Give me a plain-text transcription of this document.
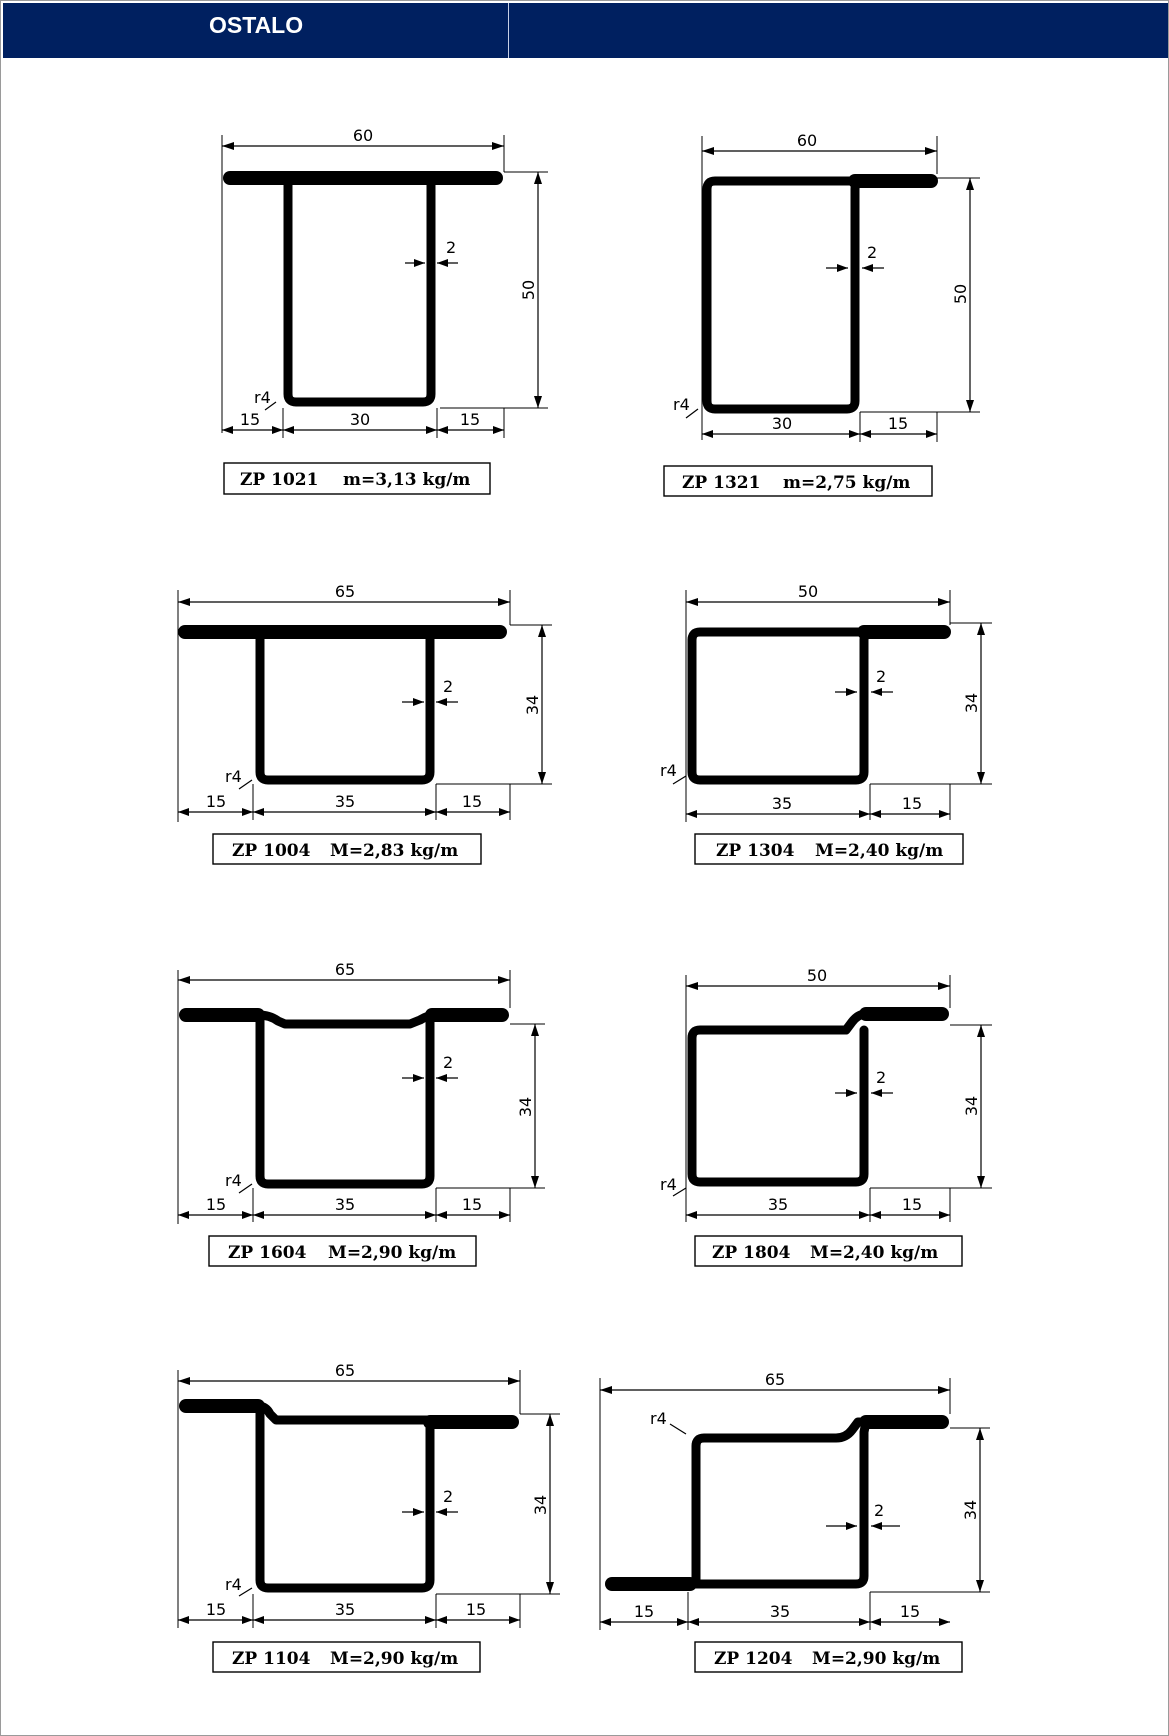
OSTALO
60
50
2
r4
15	30	15
ZP 1021 m=3,13 kg/m
60
50
2
r4
30	15
ZP 1321 m=2,75 kg/m
65
34
2
r4
15	35	15
ZP 1004 M=2,83 kg/m
50
34
2
r4
35	15
ZP 1304 M=2,40 kg/m
65
34
2
r4
15	35	15
ZP 1604 M=2,90 kg/m
50
34
2
r4
35	15
ZP 1804 M=2,40 kg/m
65
34
2
r4
15	35	15
ZP 1104 M=2,90 kg/m
65
34
2
r4
15	35	15
ZP 1204 M=2,90 kg/m
